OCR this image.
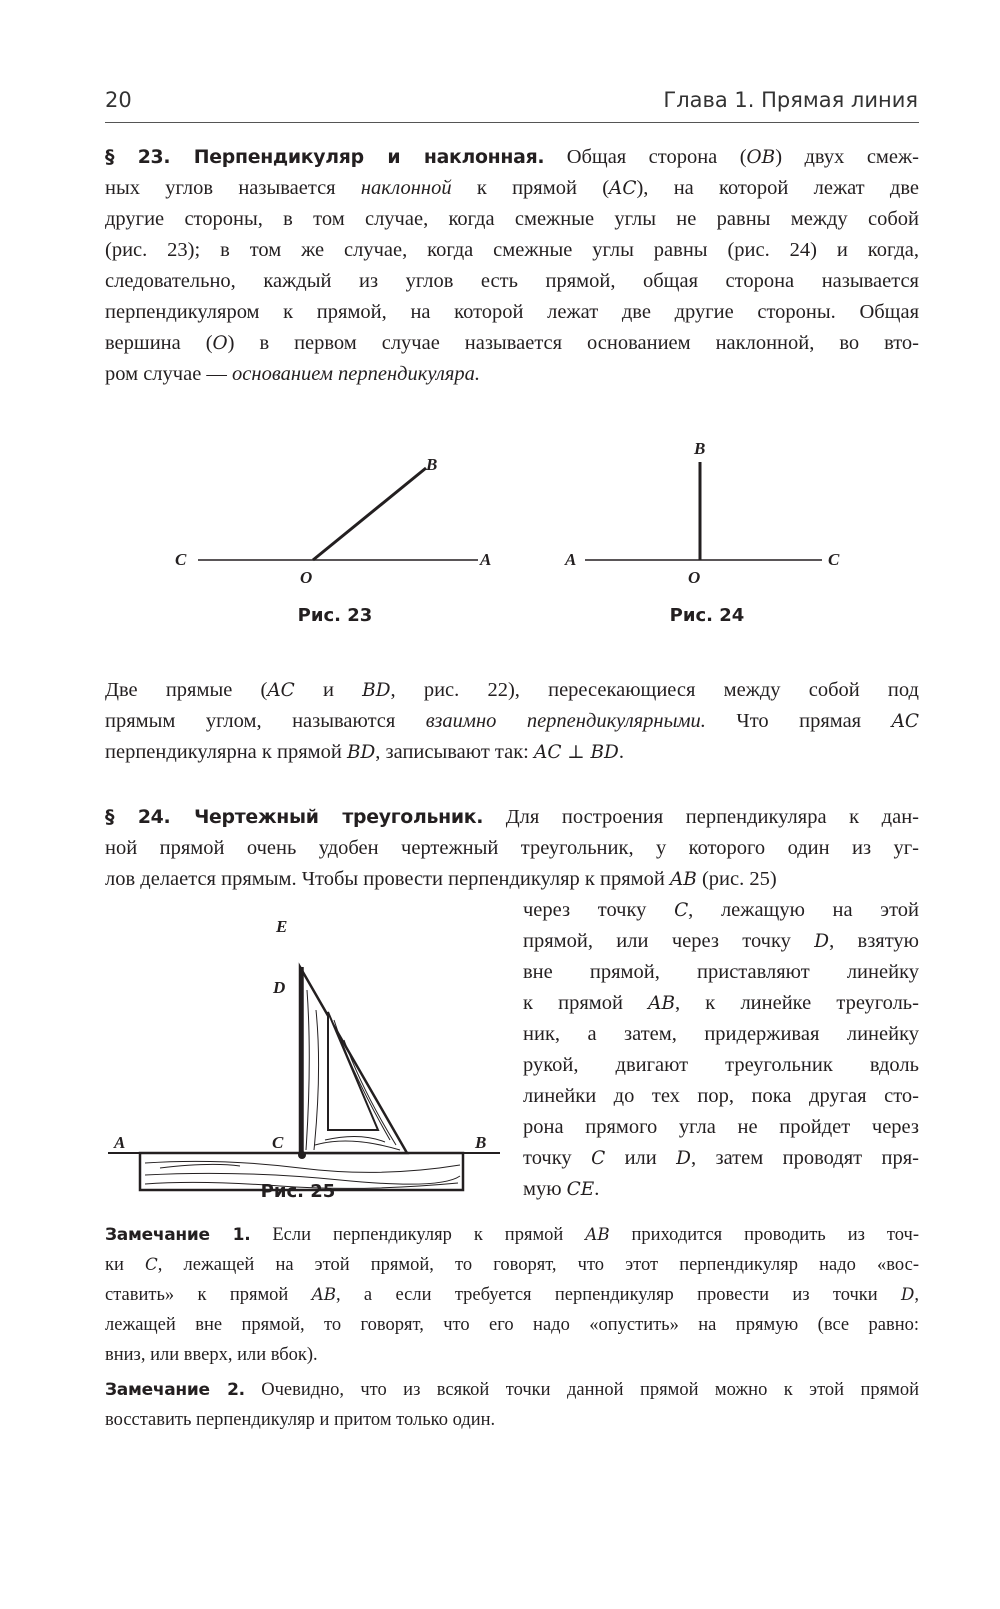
20	Глава 1. Прямая линия
§ 23. Перпендикуляр и наклонная. Общая сторона (OB) двух смеж-
ных углов называется наклонной к прямой (AC), на которой лежат две
другие стороны, в том случае, когда смежные углы не равны между собой
(рис. 23); в том же случае, когда смежные углы равны (рис. 24) и когда,
следовательно, каждый из углов есть прямой, общая сторона называется
перпендикуляром к прямой, на которой лежат две другие стороны. Общая
вершина (O) в первом случае называется основанием наклонной, во вто-
ром случае — основанием перпендикуляра.
B
C
O
A
B
A
O
C
Рис. 23	Рис. 24
Две прямые (AC и BD, рис. 22), пересекающиеся между собой под
прямым углом, называются взаимно перпендикулярными. Что прямая AC
перпендикулярна к прямой BD, записывают так: AC ⊥ BD.
§ 24. Чертежный треугольник. Для построения перпендикуляра к дан-
ной прямой очень удобен чертежный треугольник, у которого один из уг-
лов делается прямым. Чтобы провести перпендикуляр к прямой AB (рис. 25)
через точку C, лежащую на этой
прямой, или через точку D, взятую
вне прямой, приставляют линейку
к прямой AB, к линейке треуголь-
ник, а затем, придерживая линейку
рукой, двигают треугольник вдоль
линейки до тех пор, пока другая сто-
рона прямого угла не пройдет через
точку C или D, затем проводят пря-
мую CE.
E
D
C
A	B
Рис. 25
Замечание 1. Если перпендикуляр к прямой AB приходится проводить из точ-
ки C, лежащей на этой прямой, то говорят, что этот перпендикуляр надо «вос-
ставить» к прямой AB, а если требуется перпендикуляр провести из точки D,
лежащей вне прямой, то говорят, что его надо «опустить» на прямую (все равно:
вниз, или вверх, или вбок).
Замечание 2. Очевидно, что из всякой точки данной прямой можно к этой прямой
восставить перпендикуляр и притом только один.
